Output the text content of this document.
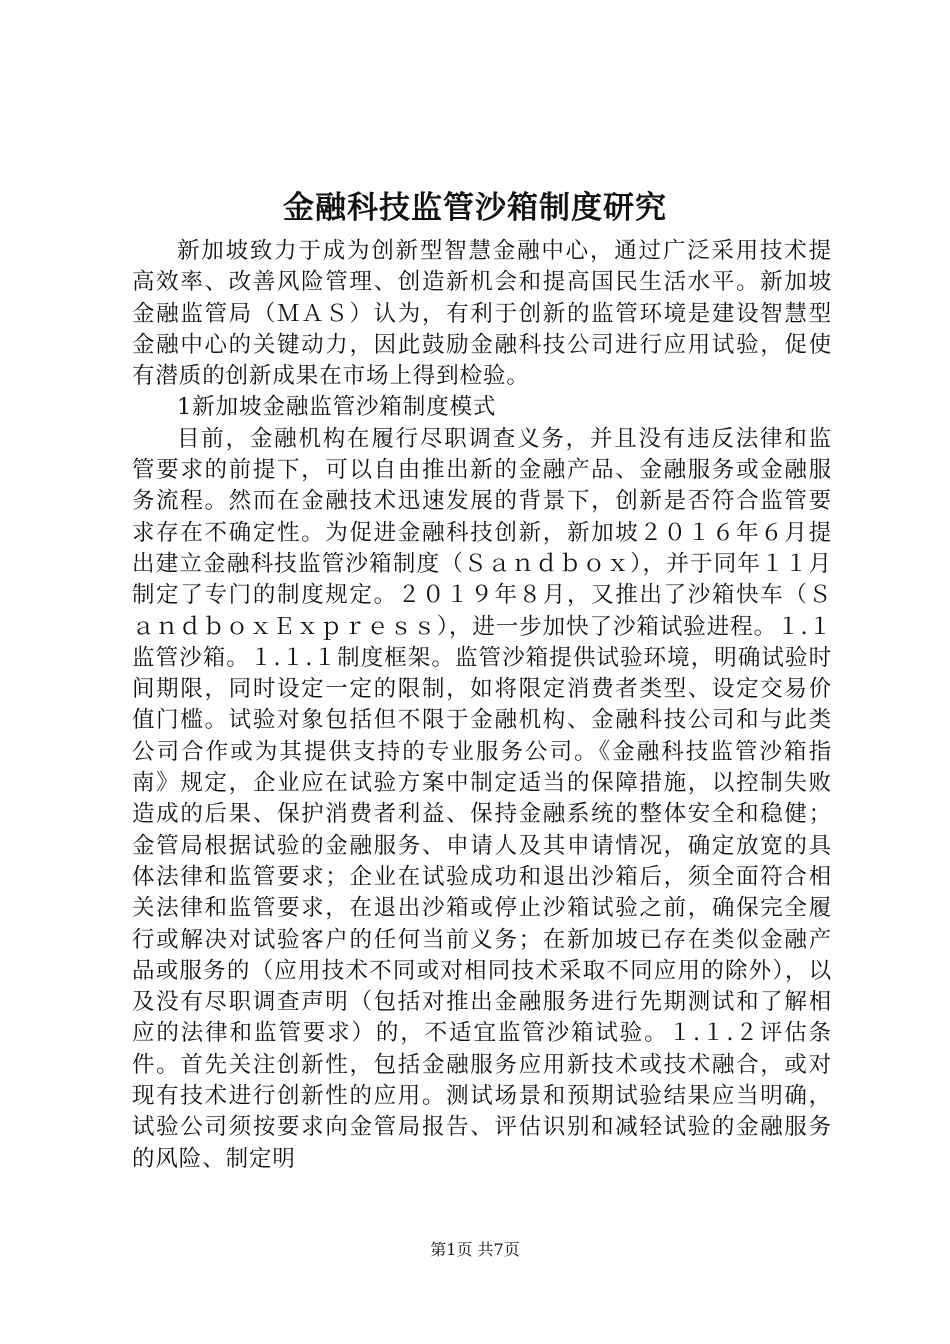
金融科技监管沙箱制度研究

新加坡致力于成为创新型智慧金融中心，通过广泛采用技术提高效率、改善风险管理、创造新机会和提高国民生活水平。新加坡金融监管局（ＭＡＳ）认为，有利于创新的监管环境是建设智慧型金融中心的关键动力，因此鼓励金融科技公司进行应用试验，促使有潜质的创新成果在市场上得到检验。

1新加坡金融监管沙箱制度模式

目前，金融机构在履行尽职调查义务，并且没有违反法律和监管要求的前提下，可以自由推出新的金融产品、金融服务或金融服务流程。然而在金融技术迅速发展的背景下，创新是否符合监管要求存在不确定性。为促进金融科技创新，新加坡２０１６年６月提出建立金融科技监管沙箱制度（Ｓａｎｄｂｏｘ），并于同年１１月制定了专门的制度规定。２０１９年８月，又推出了沙箱快车（ＳａｎｄｂｏｘＥｘｐｒｅｓｓ），进一步加快了沙箱试验进程。１.１监管沙箱。１.１.１制度框架。监管沙箱提供试验环境，明确试验时间期限，同时设定一定的限制，如将限定消费者类型、设定交易价值门槛。试验对象包括但不限于金融机构、金融科技公司和与此类公司合作或为其提供支持的专业服务公司。《金融科技监管沙箱指南》规定，企业应在试验方案中制定适当的保障措施，以控制失败造成的后果、保护消费者利益、保持金融系统的整体安全和稳健；金管局根据试验的金融服务、申请人及其申请情况，确定放宽的具体法律和监管要求；企业在试验成功和退出沙箱后，须全面符合相关法律和监管要求，在退出沙箱或停止沙箱试验之前，确保完全履行或解决对试验客户的任何当前义务；在新加坡已存在类似金融产品或服务的（应用技术不同或对相同技术采取不同应用的除外），以及没有尽职调查声明（包括对推出金融服务进行先期测试和了解相应的法律和监管要求）的，不适宜监管沙箱试验。１.１.２评估条件。首先关注创新性，包括金融服务应用新技术或技术融合，或对现有技术进行创新性的应用。测试场景和预期试验结果应当明确，试验公司须按要求向金管局报告、评估识别和减轻试验的金融服务的风险、制定明

第1页 共7页
